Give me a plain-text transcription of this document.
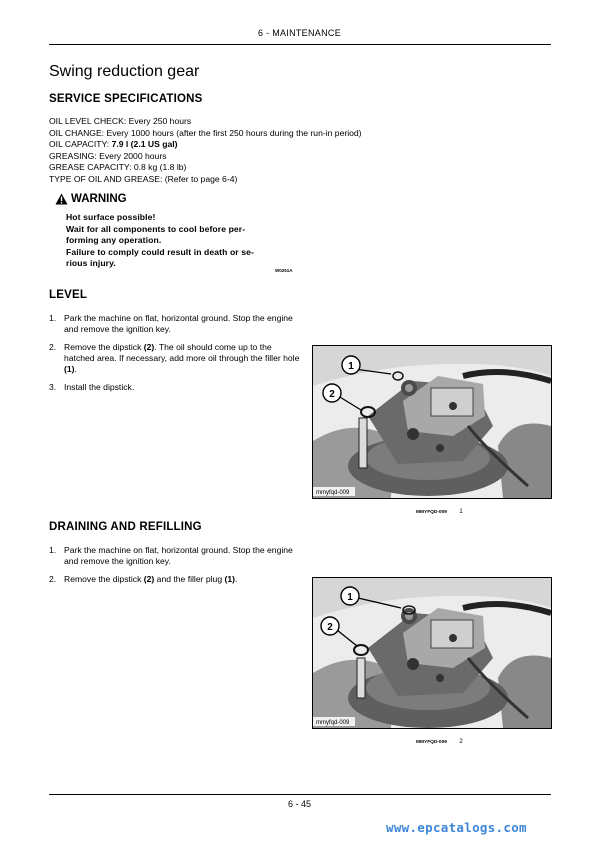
6 - MAINTENANCE
Swing reduction gear
SERVICE SPECIFICATIONS
OIL LEVEL CHECK: Every 250 hours
OIL CHANGE: Every 1000 hours (after the first 250 hours during the run-in period)
OIL CAPACITY: 7.9 l (2.1 US gal)
GREASING: Every 2000 hours
GREASE CAPACITY: 0.8 kg (1.8 lb)
TYPE OF OIL AND GREASE: (Refer to page 6-4)
WARNING
Hot surface possible!
Wait for all components to cool before per-
forming any operation.
Failure to comply could result in death or se-
rious injury.
W0251A
LEVEL
1. Park the machine on flat, horizontal ground. Stop the engine and remove the ignition key.
2. Remove the dipstick (2). The oil should come up to the hatched area. If necessary, add more oil through the filler hole (1).
3. Install the dipstick.
1
2
mmyfqd-009
MMYFQD-009 1
DRAINING AND REFILLING
1. Park the machine on flat, horizontal ground. Stop the engine and remove the ignition key.
2. Remove the dipstick (2) and the filler plug (1).
1
2
mmyfqd-009
MMYFQD-009 2
6 - 45
www.epcatalogs.com
